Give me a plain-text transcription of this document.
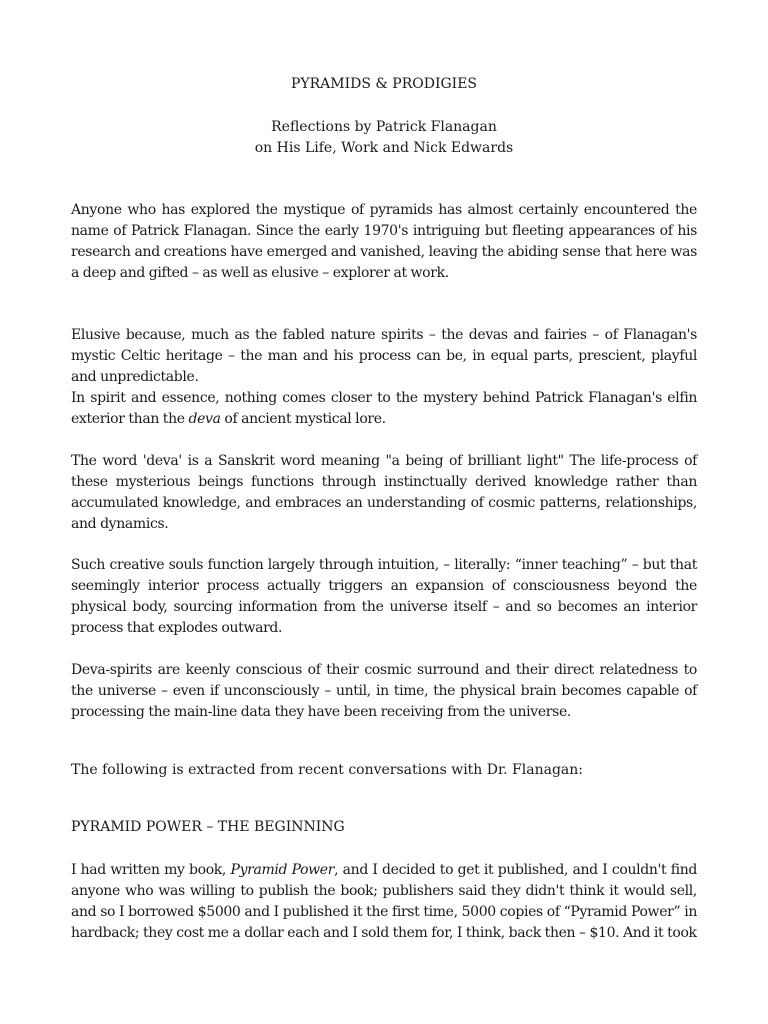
PYRAMIDS & PRODIGIES

Reflections by Patrick Flanagan

on His Life, Work and Nick Edwards

Anyone who has explored the mystique of pyramids has almost certainly encountered the name of Patrick Flanagan. Since the early 1970's intriguing but fleeting appearances of his research and creations have emerged and vanished, leaving the abiding sense that here was a deep and gifted – as well as elusive – explorer at work.

Elusive because, much as the fabled nature spirits – the devas and fairies – of Flanagan's mystic Celtic heritage – the man and his process can be, in equal parts, prescient, playful and unpredictable.

In spirit and essence, nothing comes closer to the mystery behind Patrick Flanagan's elfin exterior than the deva of ancient mystical lore.

The word 'deva' is a Sanskrit word meaning "a being of brilliant light" The life-process of these mysterious beings functions through instinctually derived knowledge rather than accumulated knowledge, and embraces an understanding of cosmic patterns, relationships, and dynamics.

Such creative souls function largely through intuition, – literally: “inner teaching” – but that seemingly interior process actually triggers an expansion of consciousness beyond the physical body, sourcing information from the universe itself – and so becomes an interior process that explodes outward.

Deva-spirits are keenly conscious of their cosmic surround and their direct relatedness to the universe – even if unconsciously – until, in time, the physical brain becomes capable of processing the main-line data they have been receiving from the universe.

The following is extracted from recent conversations with Dr. Flanagan:

PYRAMID POWER – THE BEGINNING

I had written my book, Pyramid Power, and I decided to get it published, and I couldn't find anyone who was willing to publish the book; publishers said they didn't think it would sell, and so I borrowed $5000 and I published it the first time, 5000 copies of “Pyramid Power” in hardback; they cost me a dollar each and I sold them for, I think, back then – $10. And it took
